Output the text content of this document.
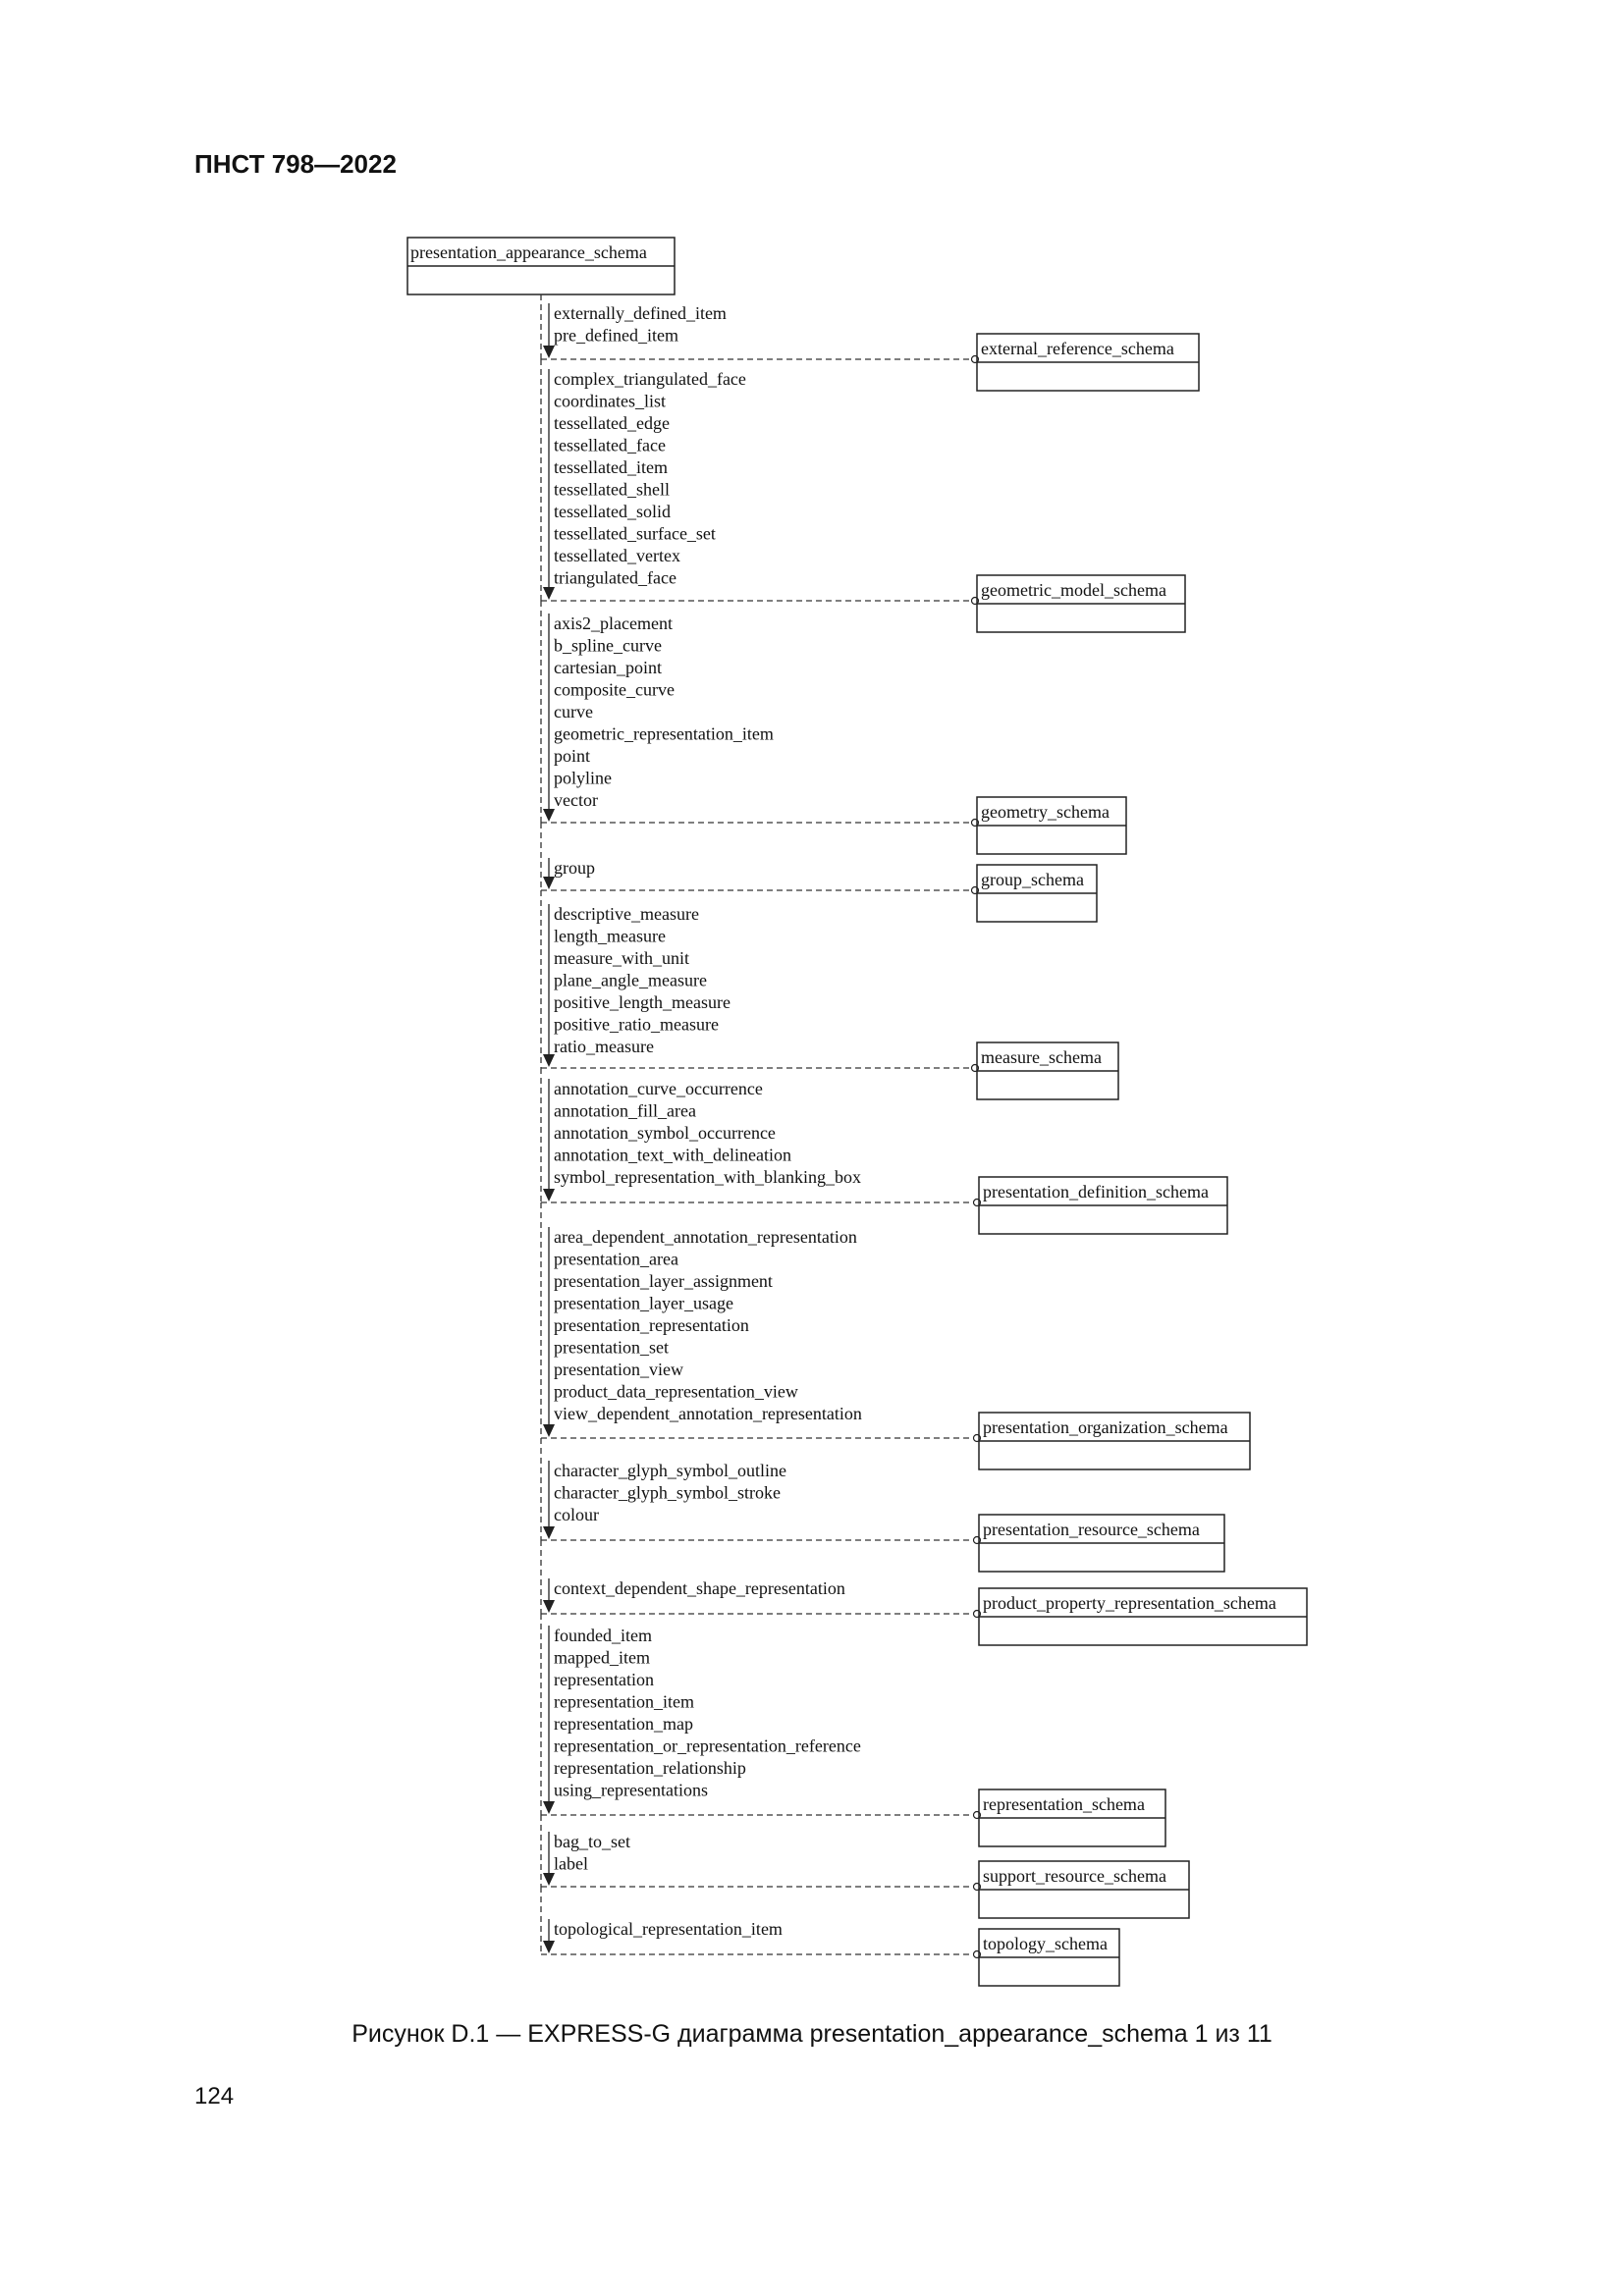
ПНСТ 798—2022
presentation_appearance_schema
external_reference_schema
externally_defined_item
pre_defined_item
geometric_model_schema
complex_triangulated_face
coordinates_list
tessellated_edge
tessellated_face
tessellated_item
tessellated_shell
tessellated_solid
tessellated_surface_set
tessellated_vertex
triangulated_face
geometry_schema
axis2_placement
b_spline_curve
cartesian_point
composite_curve
curve
geometric_representation_item
point
polyline
vector
group_schema
group
measure_schema
descriptive_measure
length_measure
measure_with_unit
plane_angle_measure
positive_length_measure
positive_ratio_measure
ratio_measure
presentation_definition_schema
annotation_curve_occurrence
annotation_fill_area
annotation_symbol_occurrence
annotation_text_with_delineation
symbol_representation_with_blanking_box
presentation_organization_schema
area_dependent_annotation_representation
presentation_area
presentation_layer_assignment
presentation_layer_usage
presentation_representation
presentation_set
presentation_view
product_data_representation_view
view_dependent_annotation_representation
presentation_resource_schema
character_glyph_symbol_outline
character_glyph_symbol_stroke
colour
product_property_representation_schema
context_dependent_shape_representation
representation_schema
founded_item
mapped_item
representation
representation_item
representation_map
representation_or_representation_reference
representation_relationship
using_representations
support_resource_schema
bag_to_set
label
topology_schema
topological_representation_item
Рисунок D.1 — EXPRESS-G диаграмма presentation_appearance_schema 1 из 11
124
